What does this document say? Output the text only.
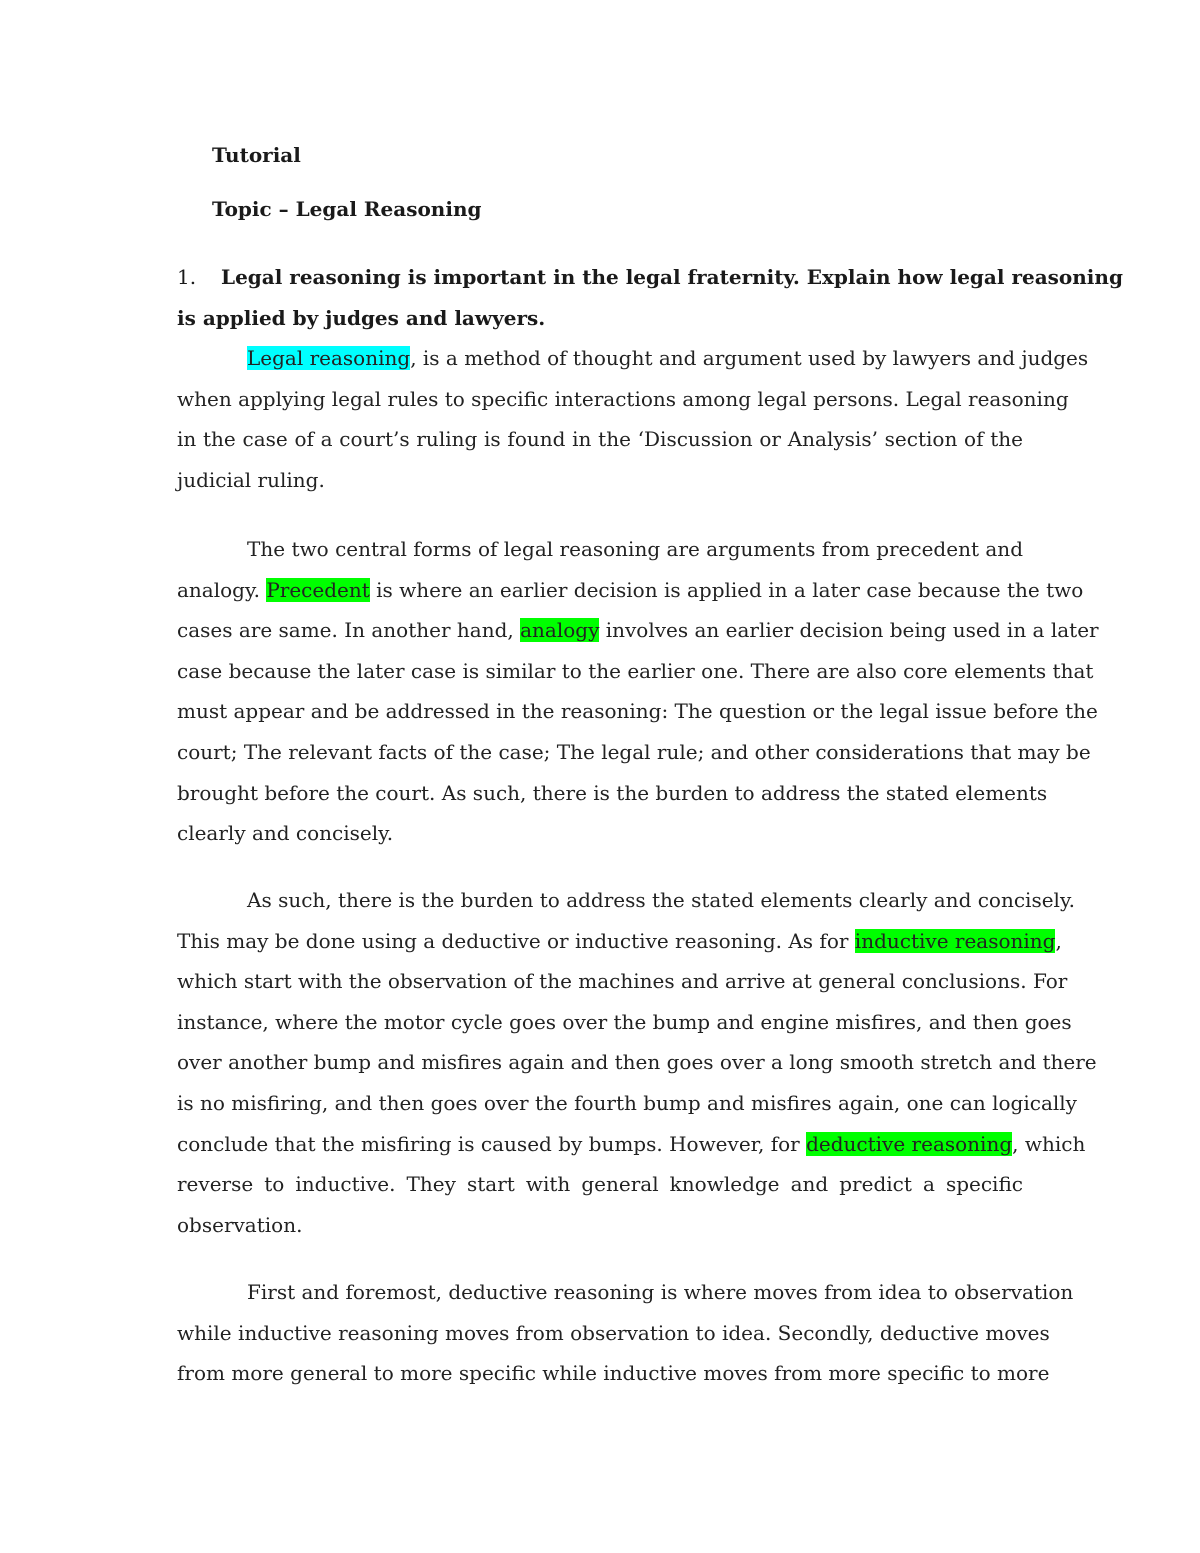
Tutorial
Topic – Legal Reasoning
1. Legal reasoning is important in the legal fraternity. Explain how legal reasoning
is applied by judges and lawyers.
Legal reasoning, is a method of thought and argument used by lawyers and judges
when applying legal rules to specific interactions among legal persons. Legal reasoning
in the case of a court’s ruling is found in the ‘Discussion or Analysis’ section of the
judicial ruling.
The two central forms of legal reasoning are arguments from precedent and
analogy. Precedent is where an earlier decision is applied in a later case because the two
cases are same. In another hand, analogy involves an earlier decision being used in a later
case because the later case is similar to the earlier one. There are also core elements that
must appear and be addressed in the reasoning: The question or the legal issue before the
court; The relevant facts of the case; The legal rule; and other considerations that may be
brought before the court. As such, there is the burden to address the stated elements
clearly and concisely.
As such, there is the burden to address the stated elements clearly and concisely.
This may be done using a deductive or inductive reasoning. As for inductive reasoning,
which start with the observation of the machines and arrive at general conclusions. For
instance, where the motor cycle goes over the bump and engine misfires, and then goes
over another bump and misfires again and then goes over a long smooth stretch and there
is no misfiring, and then goes over the fourth bump and misfires again, one can logically
conclude that the misfiring is caused by bumps. However, for deductive reasoning, which
reverse to inductive. They start with general knowledge and predict a specific
observation.
First and foremost, deductive reasoning is where moves from idea to observation
while inductive reasoning moves from observation to idea. Secondly, deductive moves
from more general to more specific while inductive moves from more specific to more
